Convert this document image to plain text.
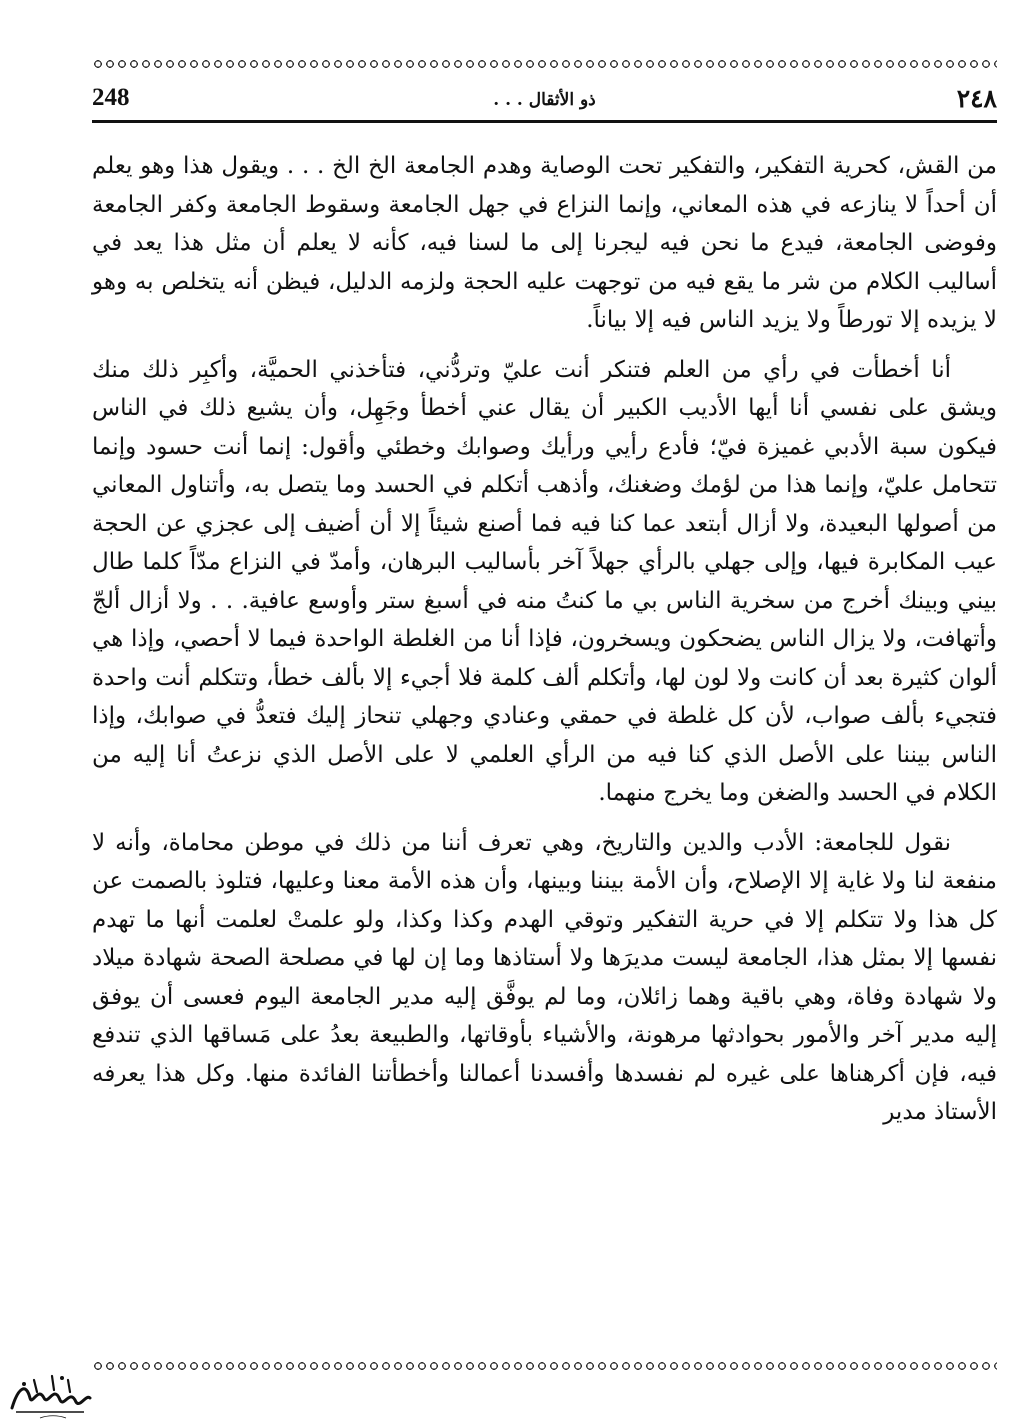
248	ذو الأثقال . . .	٢٤٨

من القش، كحرية التفكير، والتفكير تحت الوصاية وهدم الجامعة الخ الخ . . . ويقول هذا وهو يعلم أن أحداً لا ينازعه في هذه المعاني، وإنما النزاع في جهل الجامعة وسقوط الجامعة وكفر الجامعة وفوضى الجامعة، فيدع ما نحن فيه ليجرنا إلى ما لسنا فيه، كأنه لا يعلم أن مثل هذا يعد في أساليب الكلام من شر ما يقع فيه من توجهت عليه الحجة ولزمه الدليل، فيظن أنه يتخلص به وهو لا يزيده إلا تورطاً ولا يزيد الناس فيه إلا بياناً.

أنا أخطأت في رأي من العلم فتنكر أنت عليّ وتردُّني، فتأخذني الحميَّة، وأكبِر ذلك منك ويشق على نفسي أنا أيها الأديب الكبير أن يقال عني أخطأ وجَهِل، وأن يشيع ذلك في الناس فيكون سبة الأدبي غميزة فيّ؛ فأدع رأيي ورأيك وصوابك وخطئي وأقول: إنما أنت حسود وإنما تتحامل عليّ، وإنما هذا من لؤمك وضغنك، وأذهب أتكلم في الحسد وما يتصل به، وأتناول المعاني من أصولها البعيدة، ولا أزال أبتعد عما كنا فيه فما أصنع شيئاً إلا أن أضيف إلى عجزي عن الحجة عيب المكابرة فيها، وإلى جهلي بالرأي جهلاً آخر بأساليب البرهان، وأمدّ في النزاع مدّاً كلما طال بيني وبينك أخرج من سخرية الناس بي ما كنتُ منه في أسبغ ستر وأوسع عافية. . . ولا أزال ألجّ وأتهافت، ولا يزال الناس يضحكون ويسخرون، فإذا أنا من الغلطة الواحدة فيما لا أحصي، وإذا هي ألوان كثيرة بعد أن كانت ولا لون لها، وأتكلم ألف كلمة فلا أجيء إلا بألف خطأ، وتتكلم أنت واحدة فتجيء بألف صواب، لأن كل غلطة في حمقي وعنادي وجهلي تنحاز إليك فتعدُّ في صوابك، وإذا الناس بيننا على الأصل الذي كنا فيه من الرأي العلمي لا على الأصل الذي نزعتُ أنا إليه من الكلام في الحسد والضغن وما يخرج منهما.

نقول للجامعة: الأدب والدين والتاريخ، وهي تعرف أننا من ذلك في موطن محاماة، وأنه لا منفعة لنا ولا غاية إلا الإصلاح، وأن الأمة بيننا وبينها، وأن هذه الأمة معنا وعليها، فتلوذ بالصمت عن كل هذا ولا تتكلم إلا في حرية التفكير وتوقي الهدم وكذا وكذا، ولو علمتْ لعلمت أنها ما تهدم نفسها إلا بمثل هذا، الجامعة ليست مديرَها ولا أستاذها وما إن لها في مصلحة الصحة شهادة ميلاد ولا شهادة وفاة، وهي باقية وهما زائلان، وما لم يوفَّق إليه مدير الجامعة اليوم فعسى أن يوفق إليه مدير آخر والأمور بحوادثها مرهونة، والأشياء بأوقاتها، والطبيعة بعدُ على مَساقها الذي تندفع فيه، فإن أكرهناها على غيره لم نفسدها وأفسدنا أعمالنا وأخطأتنا الفائدة منها. وكل هذا يعرفه الأستاذ مدير
